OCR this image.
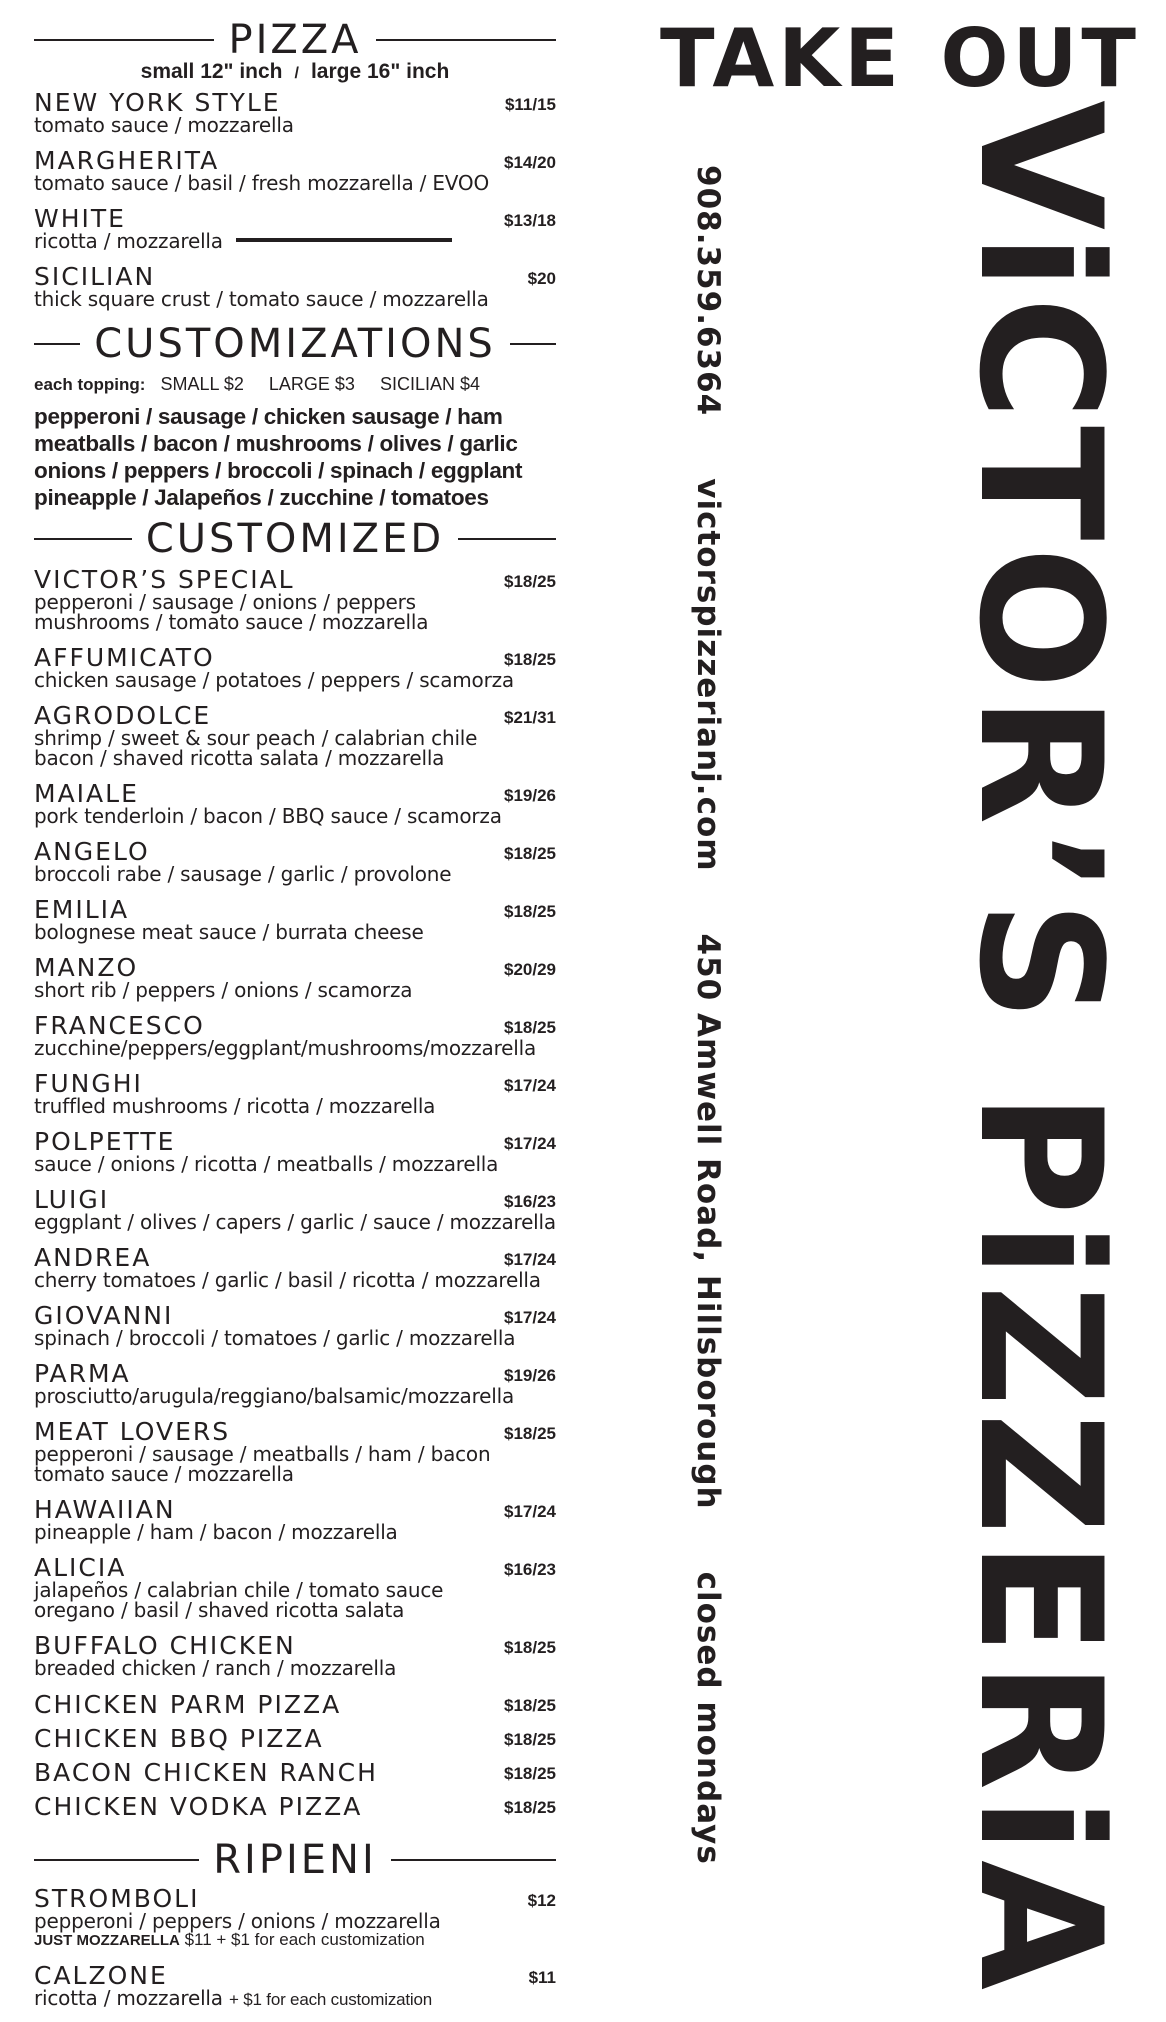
PIZZA
small 12" inch / large 16" inch
NEW YORK STYLE
tomato sauce / mozzarella
$11/15
MARGHERITA
tomato sauce / basil / fresh mozzarella / EVOO
$14/20
WHITE
ricotta / mozzarella
$13/18
SICILIAN
thick square crust / tomato sauce / mozzarella
$20
CUSTOMIZATIONS
each topping: SMALL $2 LARGE $3 SICILIAN $4
pepperoni / sausage / chicken sausage / ham
meatballs / bacon / mushrooms / olives / garlic
onions / peppers / broccoli / spinach / eggplant
pineapple / Jalapeños / zucchine / tomatoes
CUSTOMIZED
VICTOR’S SPECIAL
pepperoni / sausage / onions / peppers
mushrooms / tomato sauce / mozzarella
$18/25
AFFUMICATO
chicken sausage / potatoes / peppers / scamorza
$18/25
AGRODOLCE
shrimp / sweet & sour peach / calabrian chile
bacon / shaved ricotta salata / mozzarella
$21/31
MAIALE
pork tenderloin / bacon / BBQ sauce / scamorza
$19/26
ANGELO
broccoli rabe / sausage / garlic / provolone
$18/25
EMILIA
bolognese meat sauce / burrata cheese
$18/25
MANZO
short rib / peppers / onions / scamorza
$20/29
FRANCESCO
zucchine/peppers/eggplant/mushrooms/mozzarella
$18/25
FUNGHI
truffled mushrooms / ricotta / mozzarella
$17/24
POLPETTE
sauce / onions / ricotta / meatballs / mozzarella
$17/24
LUIGI
eggplant / olives / capers / garlic / sauce / mozzarella
$16/23
ANDREA
cherry tomatoes / garlic / basil / ricotta / mozzarella
$17/24
GIOVANNI
spinach / broccoli / tomatoes / garlic / mozzarella
$17/24
PARMA
prosciutto/arugula/reggiano/balsamic/mozzarella
$19/26
MEAT LOVERS
pepperoni / sausage / meatballs / ham / bacon
tomato sauce / mozzarella
$18/25
HAWAIIAN
pineapple / ham / bacon / mozzarella
$17/24
ALICIA
jalapeños / calabrian chile / tomato sauce
oregano / basil / shaved ricotta salata
$16/23
BUFFALO CHICKEN
breaded chicken / ranch / mozzarella
$18/25
CHICKEN PARM PIZZA	$18/25
CHICKEN BBQ PIZZA	$18/25
BACON CHICKEN RANCH	$18/25
CHICKEN VODKA PIZZA	$18/25
RIPIENI
STROMBOLI
pepperoni / peppers / onions / mozzarella
JUST MOZZARELLA $11 + $1 for each customization
$12
CALZONE
ricotta / mozzarella + $1 for each customization
$11
TAKE OUT
908.359.6364
victorspizzerianj.com
450 Amwell Road, Hillsborough
closed mondays ViCTOR’S PiZZERiA
